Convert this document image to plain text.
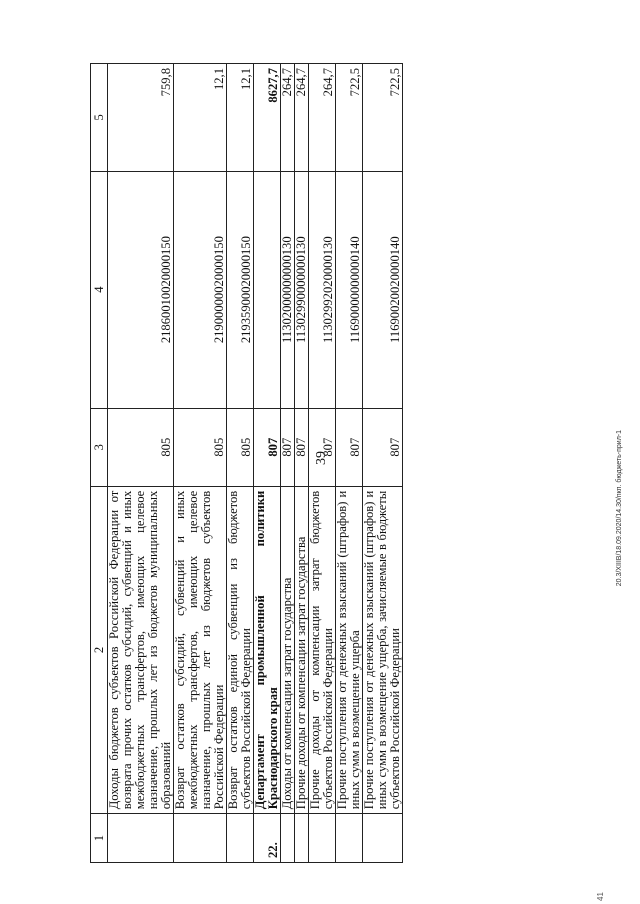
39
1	2	3	4	5
	Доходы бюджетов субъектов Российской Федерации от возврата прочих остатков субсидий, субвенций и иных межбюджетных трансфертов, имеющих целевое назначение, прошлых лет из бюджетов муниципальных образований	805	21860010020000150	759,8
	Возврат остатков субсидий, субвенций и иных межбюджетных трансфертов, имеющих целевое назначение, прошлых лет из бюджетов субъектов Российской Федерации	805	21900000020000150	12,1
	Возврат остатков единой субвенции из бюджетов субъектов Российской Федерации	805	21935900020000150	12,1
22.	Департамент промышленной политики Краснодарского края	807		8627,7
	Доходы от компенсации затрат государства	807	11302000000000130	264,7
	Прочие доходы от компенсации затрат государства	807	11302990000000130	264,7
	Прочие доходы от компенсации затрат бюджетов субъектов Российской Федерации	807	11302992020000130	264,7
	Прочие поступления от денежных взысканий (штрафов) и иных сумм в возмещение ущерба	807	11690000000000140	722,5
	Прочие поступления от денежных взысканий (штрафов) и иных сумм в возмещение ущерба, зачисляемые в бюджеты субъектов Российской Федерации	807	11690020020000140	722,5
20.3/XIIIB/18.09.2020/14.30/пкп. бюджеть-прил-1
41
